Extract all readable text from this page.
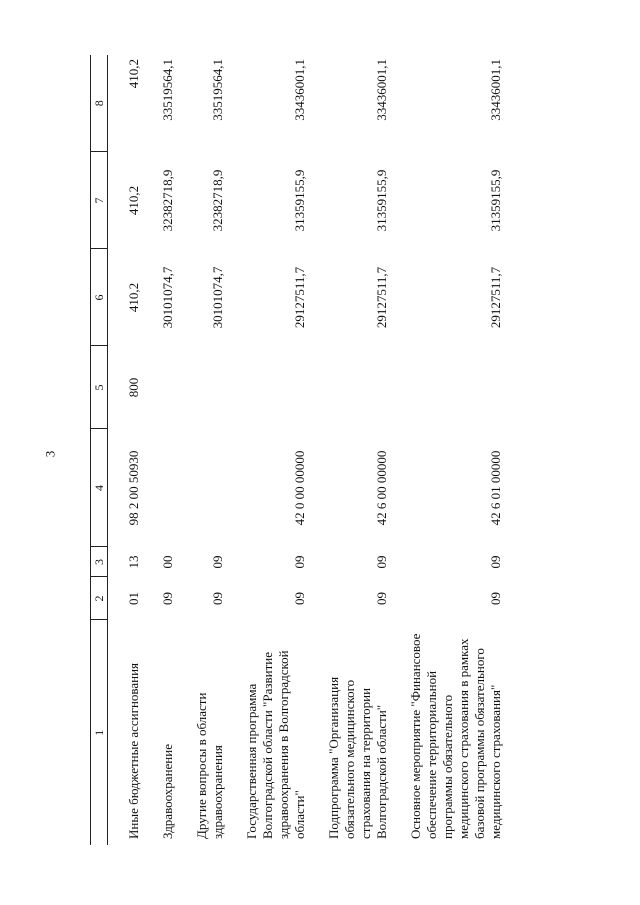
3
1	2	3	4	5	6	7	8
Иные бюджетные ассигнования	01	13	98 2 00 50930	800	410,2	410,2	410,2
Здравоохранение	09	00			30101074,7	32382718,9	33519564,1
Другие вопросы в области здравоохранения	09	09			30101074,7	32382718,9	33519564,1
Государственная программа Волгоградской области "Развитие здравоохранения в Волгоградской области"	09	09	42 0 00 00000		29127511,7	31359155,9	33436001,1
Подпрограмма "Организация обязательного медицинского страхования на территории Волгоградской области"	09	09	42 6 00 00000		29127511,7	31359155,9	33436001,1
Основное мероприятие "Финансовое обеспечение территориальной программы обязательного медицинского страхования в рамках базовой программы обязательного медицинского страхования"	09	09	42 6 01 00000		29127511,7	31359155,9	33436001,1
